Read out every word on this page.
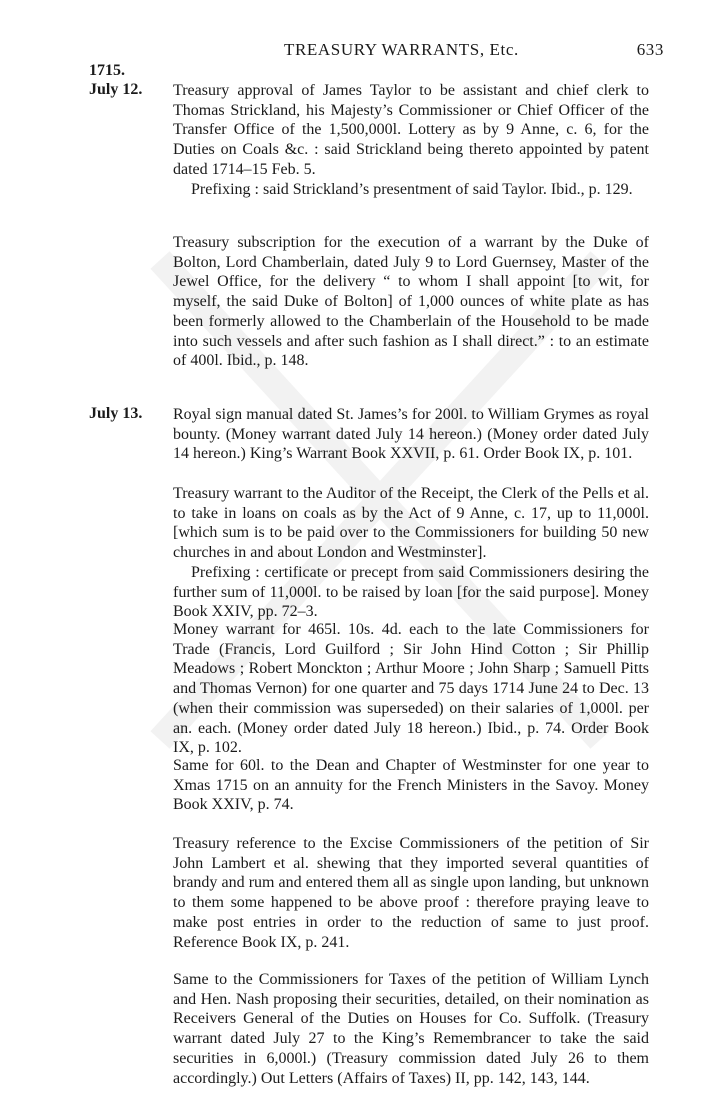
TREASURY WARRANTS, Etc.	633
1715.
July 12. Treasury approval of James Taylor to be assistant and chief clerk to Thomas Strickland, his Majesty’s Commissioner or Chief Officer of the Transfer Office of the 1,500,000l. Lottery as by 9 Anne, c. 6, for the Duties on Coals &c. : said Strickland being thereto appointed by patent dated 1714–15 Feb. 5.

Prefixing : said Strickland’s presentment of said Taylor. Ibid., p. 129.

Treasury subscription for the execution of a warrant by the Duke of Bolton, Lord Chamberlain, dated July 9 to Lord Guernsey, Master of the Jewel Office, for the delivery “ to whom I shall appoint [to wit, for myself, the said Duke of Bolton] of 1,000 ounces of white plate as has been formerly allowed to the Chamberlain of the Household to be made into such vessels and after such fashion as I shall direct.” : to an estimate of 400l. Ibid., p. 148.

July 13. Royal sign manual dated St. James’s for 200l. to William Grymes as royal bounty. (Money warrant dated July 14 hereon.) (Money order dated July 14 hereon.) King’s Warrant Book XXVII, p. 61. Order Book IX, p. 101.

Treasury warrant to the Auditor of the Receipt, the Clerk of the Pells et al. to take in loans on coals as by the Act of 9 Anne, c. 17, up to 11,000l. [which sum is to be paid over to the Commissioners for building 50 new churches in and about London and Westminster].

Prefixing : certificate or precept from said Commissioners desiring the further sum of 11,000l. to be raised by loan [for the said purpose]. Money Book XXIV, pp. 72–3.

Money warrant for 465l. 10s. 4d. each to the late Commissioners for Trade (Francis, Lord Guilford ; Sir John Hind Cotton ; Sir Phillip Meadows ; Robert Monckton ; Arthur Moore ; John Sharp ; Samuell Pitts and Thomas Vernon) for one quarter and 75 days 1714 June 24 to Dec. 13 (when their commission was superseded) on their salaries of 1,000l. per an. each. (Money order dated July 18 hereon.) Ibid., p. 74. Order Book IX, p. 102.

Same for 60l. to the Dean and Chapter of Westminster for one year to Xmas 1715 on an annuity for the French Ministers in the Savoy. Money Book XXIV, p. 74.

Treasury reference to the Excise Commissioners of the petition of Sir John Lambert et al. shewing that they imported several quantities of brandy and rum and entered them all as single upon landing, but unknown to them some happened to be above proof : therefore praying leave to make post entries in order to the reduction of same to just proof. Reference Book IX, p. 241.

Same to the Commissioners for Taxes of the petition of William Lynch and Hen. Nash proposing their securities, detailed, on their nomination as Receivers General of the Duties on Houses for Co. Suffolk. (Treasury warrant dated July 27 to the King’s Remembrancer to take the said securities in 6,000l.) (Treasury commission dated July 26 to them accordingly.) Out Letters (Affairs of Taxes) II, pp. 142, 143, 144.
